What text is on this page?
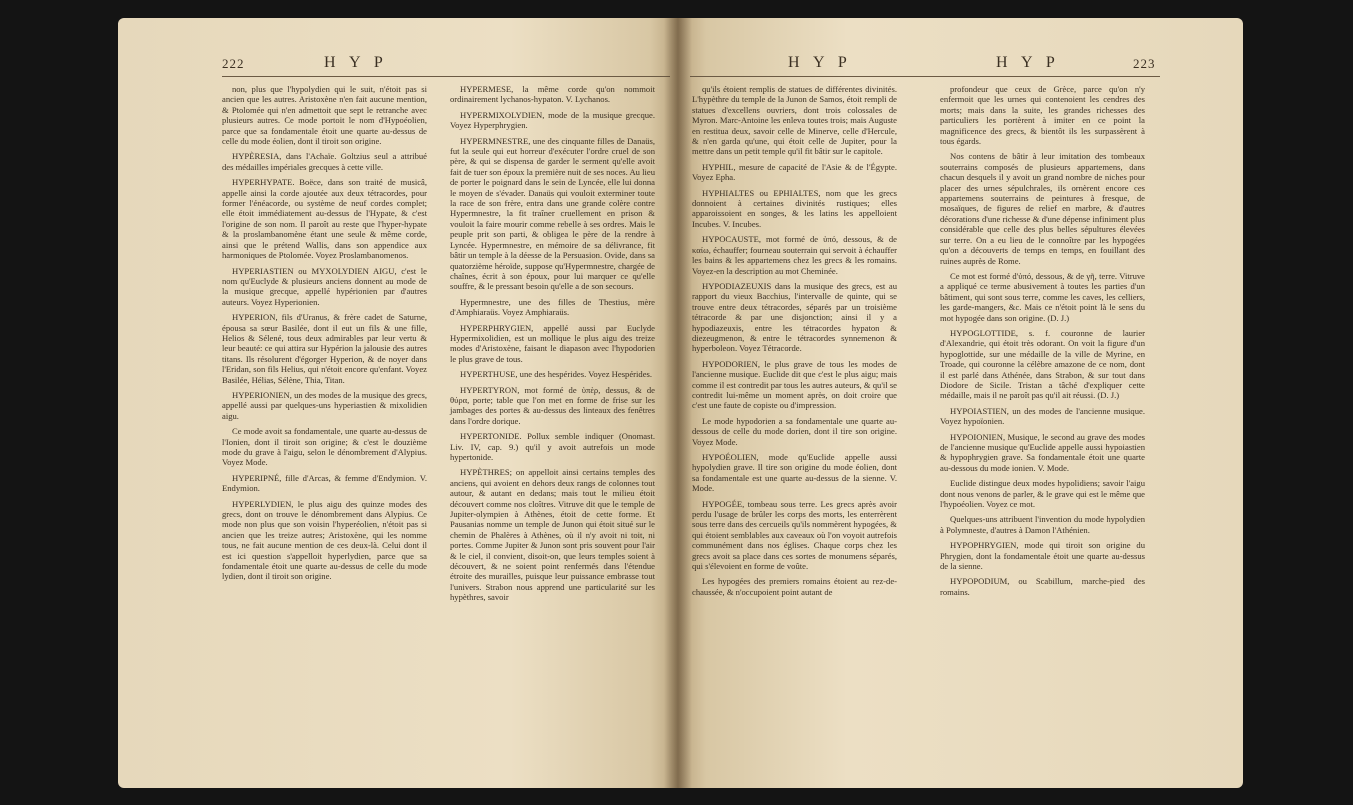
222	H Y P

non, plus que l'hypolydien qui le suit, n'étoit pas si ancien que les autres. Aristoxène n'en fait aucune mention, & Ptolomée qui n'en admettoit que sept le retranche avec plusieurs autres. Ce mode portoit le nom d'Hypoéolien, parce que sa fondamentale étoit une quarte au-dessus de celle du mode éolien, dont il tiroit son origine.

HYPÈRESIA, dans l'Achaïe. Goltzius seul a attribué des médailles impériales grecques à cette ville.

HYPERHYPATE. Boëce, dans son traité de musicâ, appelle ainsi la corde ajoutée aux deux tétracordes, pour former l'énéacorde, ou système de neuf cordes complet; elle étoit immédiatement au-dessus de l'Hypate, & c'est l'origine de son nom. Il paroît au reste que l'hyper-hypate & la proslambanomène étant une seule & même corde, ainsi que le prétend Wallis, dans son appendice aux harmoniques de Ptolomée. Voyez Proslambanomenos.

HYPERIASTIEN ou MYXOLYDIEN AIGU, c'est le nom qu'Euclyde & plusieurs anciens donnent au mode de la musique grecque, appellé hypérionien par d'autres auteurs. Voyez Hyperionien.

HYPERION, fils d'Uranus, & frère cadet de Saturne, épousa sa sœur Basilée, dont il eut un fils & une fille, Helios & Sélené, tous deux admirables par leur vertu & leur beauté: ce qui attira sur Hypérion la jalousie des autres titans. Ils résolurent d'égorger Hyperion, & de noyer dans l'Eridan, son fils Helius, qui n'étoit encore qu'enfant. Voyez Basilée, Hélias, Sélène, Thia, Titan.

HYPERIONIEN, un des modes de la musique des grecs, appellé aussi par quelques-uns hyperiastien & mixolidien aigu.

Ce mode avoit sa fondamentale, une quarte au-dessus de l'Ionien, dont il tiroit son origine; & c'est le douzième mode du grave à l'aigu, selon le dénombrement d'Alypius. Voyez Mode.

HYPERIPNÉ, fille d'Arcas, & femme d'Endymion. V. Endymion.

HYPERLYDIEN, le plus aigu des quinze modes des grecs, dont on trouve le dénombrement dans Alypius. Ce mode non plus que son voisin l'hyperéolien, n'étoit pas si ancien que les treize autres; Aristoxène, qui les nomme tous, ne fait aucune mention de ces deux-là. Celui dont il est ici question s'appelloit hyperlydien, parce que sa fondamentale étoit une quarte au-dessus de celle du mode lydien, dont il tiroit son origine.

HYPERMESE, la même corde qu'on nommoit ordinairement lychanos-hypaton. V. Lychanos.

HYPERMIXOLYDIEN, mode de la musique grecque. Voyez Hyperphrygien.

HYPERMNESTRE, une des cinquante filles de Danaüs, fut la seule qui eut horreur d'exécuter l'ordre cruel de son père, & qui se dispensa de garder le serment qu'elle avoit fait de tuer son époux la première nuit de ses noces. Au lieu de porter le poignard dans le sein de Lyncée, elle lui donna le moyen de s'évader. Danaüs qui vouloit exterminer toute la race de son frère, entra dans une grande colère contre Hypermnestre, la fit traîner cruellement en prison & vouloit la faire mourir comme rebelle à ses ordres. Mais le peuple prit son parti, & obligea le père de la rendre à Lyncée. Hypermnestre, en mémoire de sa délivrance, fit bâtir un temple à la déesse de la Persuasion. Ovide, dans sa quatorzième héroïde, suppose qu'Hypermnestre, chargée de chaînes, écrit à son époux, pour lui marquer ce qu'elle souffre, & le pressant besoin qu'elle a de son secours.

Hypermnestre, une des filles de Thestius, mère d'Amphiaraüs. Voyez Amphiaraüs.

HYPERPHRYGIEN, appellé aussi par Euclyde Hypermixolidien, est un mollique le plus aigu des treize modes d'Aristoxène, faisant le diapason avec l'hypodorien le plus grave de tous.

HYPERTHUSE, une des hespérides. Voyez Hespérides.

HYPERTYRON, mot formé de ὑπὲρ, dessus, & de θύρα, porte; table que l'on met en forme de frise sur les jambages des portes & au-dessus des linteaux des fenêtres dans l'ordre dorique.

HYPERTONIDE. Pollux semble indiquer (Onomast. Liv. IV, cap. 9.) qu'il y avoit autrefois un mode hypertonide.

HYPÈTHRES; on appelloit ainsi certains temples des anciens, qui avoient en dehors deux rangs de colonnes tout autour, & autant en dedans; mais tout le milieu étoit découvert comme nos cloîtres. Vitruve dit que le temple de Jupiter-olympien à Athènes, étoit de cette forme. Et Pausanias nomme un temple de Junon qui étoit situé sur le chemin de Phalères à Athènes, où il n'y avoit ni toit, ni portes. Comme Jupiter & Junon sont pris souvent pour l'air & le ciel, il convient, disoit-on, que leurs temples soient à découvert, & ne soient point renfermés dans l'étendue étroite des murailles, puisque leur puissance embrasse tout l'univers. Strabon nous apprend une particularité sur les hypèthres, savoir

H Y P	H Y P	223

qu'ils étoient remplis de statues de différentes divinités. L'hypèthre du temple de la Junon de Samos, étoit rempli de statues d'excellens ouvriers, dont trois colossales de Myron. Marc-Antoine les enleva toutes trois; mais Auguste en restitua deux, savoir celle de Minerve, celle d'Hercule, & n'en garda qu'une, qui étoit celle de Jupiter, pour la mettre dans un petit temple qu'il fit bâtir sur le capitole.

HYPHIL, mesure de capacité de l'Asie & de l'Égypte. Voyez Epha.

HYPHIALTES ou EPHIALTES, nom que les grecs donnoient à certaines divinités rustiques; elles apparoissoient en songes, & les latins les appelloient Incubes. V. Incubes.

HYPOCAUSTE, mot formé de ὑπό, dessous, & de καίω, échauffer; fourneau souterrain qui servoit à échauffer les bains & les appartemens chez les grecs & les romains. Voyez-en la description au mot Cheminée.

HYPODIAZEUXIS dans la musique des grecs, est au rapport du vieux Bacchius, l'intervalle de quinte, qui se trouve entre deux tétracordes, séparés par un troisième tétracorde & par une disjonction; ainsi il y a hypodiazeuxis, entre les tétracordes hypaton & diezeugmenon, & entre le tétracordes synnemenon & hyperboleon. Voyez Tétracorde.

HYPODORIEN, le plus grave de tous les modes de l'ancienne musique. Euclide dit que c'est le plus aigu; mais comme il est contredit par tous les autres auteurs, & qu'il se contredit lui-même un moment après, on doit croire que c'est une faute de copiste ou d'impression.

Le mode hypodorien a sa fondamentale une quarte au-dessous de celle du mode dorien, dont il tire son origine. Voyez Mode.

HYPOÉOLIEN, mode qu'Euclide appelle aussi hypolydien grave. Il tire son origine du mode éolien, dont sa fondamentale est une quarte au-dessus de la sienne. V. Mode.

HYPOGÉE, tombeau sous terre. Les grecs après avoir perdu l'usage de brûler les corps des morts, les enterrèrent sous terre dans des cercueils qu'ils nommèrent hypogées, & qui étoient semblables aux caveaux où l'on voyoit autrefois communément dans nos églises. Chaque corps chez les grecs avoit sa place dans ces sortes de monumens séparés, qui s'élevoient en forme de voûte.

Les hypogées des premiers romains étoient au rez-de-chaussée, & n'occupoient point autant de

profondeur que ceux de Grèce, parce qu'on n'y enfermoit que les urnes qui contenoient les cendres des morts; mais dans la suite, les grandes richesses des particuliers les portèrent à imiter en ce point la magnificence des grecs, & bientôt ils les surpassèrent à tous égards.

Nos contens de bâtir à leur imitation des tombeaux souterrains composés de plusieurs appartemens, dans chacun desquels il y avoit un grand nombre de niches pour placer des urnes sépulchrales, ils ornèrent encore ces appartemens souterrains de peintures à fresque, de mosaïques, de figures de relief en marbre, & d'autres décorations d'une richesse & d'une dépense infiniment plus considérable que celle des plus belles sépultures élevées sur terre. On a eu lieu de le connoître par les hypogées qu'on a découverts de temps en temps, en fouillant des ruines auprès de Rome.

Ce mot est formé d'ὑπό, dessous, & de γῆ, terre. Vitruve a appliqué ce terme abusivement à toutes les parties d'un bâtiment, qui sont sous terre, comme les caves, les celliers, les garde-mangers, &c. Mais ce n'étoit point là le sens du mot hypogée dans son origine. (D. J.)

HYPOGLOTTIDE, s. f. couronne de laurier d'Alexandrie, qui étoit très odorant. On voit la figure d'un hypoglottide, sur une médaille de la ville de Myrine, en Troade, qui couronne la célèbre amazone de ce nom, dont il est parlé dans Athénée, dans Strabon, & sur tout dans Diodore de Sicile. Tristan a tâché d'expliquer cette médaille, mais il ne paroît pas qu'il ait réussi. (D. J.)

HYPOIASTIEN, un des modes de l'ancienne musique. Voyez hypoïonien.

HYPOIONIEN, Musique, le second au grave des modes de l'ancienne musique qu'Euclide appelle aussi hypoiastien & hypophrygien grave. Sa fondamentale étoit une quarte au-dessous du mode ionien. V. Mode.

Euclide distingue deux modes hypolidiens; savoir l'aigu dont nous venons de parler, & le grave qui est le même que l'hypoéolien. Voyez ce mot.

Quelques-uns attribuent l'invention du mode hypolydien à Polymneste, d'autres à Damon l'Athénien.

HYPOPHRYGIEN, mode qui tiroit son origine du Phrygien, dont la fondamentale étoit une quarte au-dessus de la sienne.

HYPOPODIUM, ou Scabillum, marche-pied des romains.
